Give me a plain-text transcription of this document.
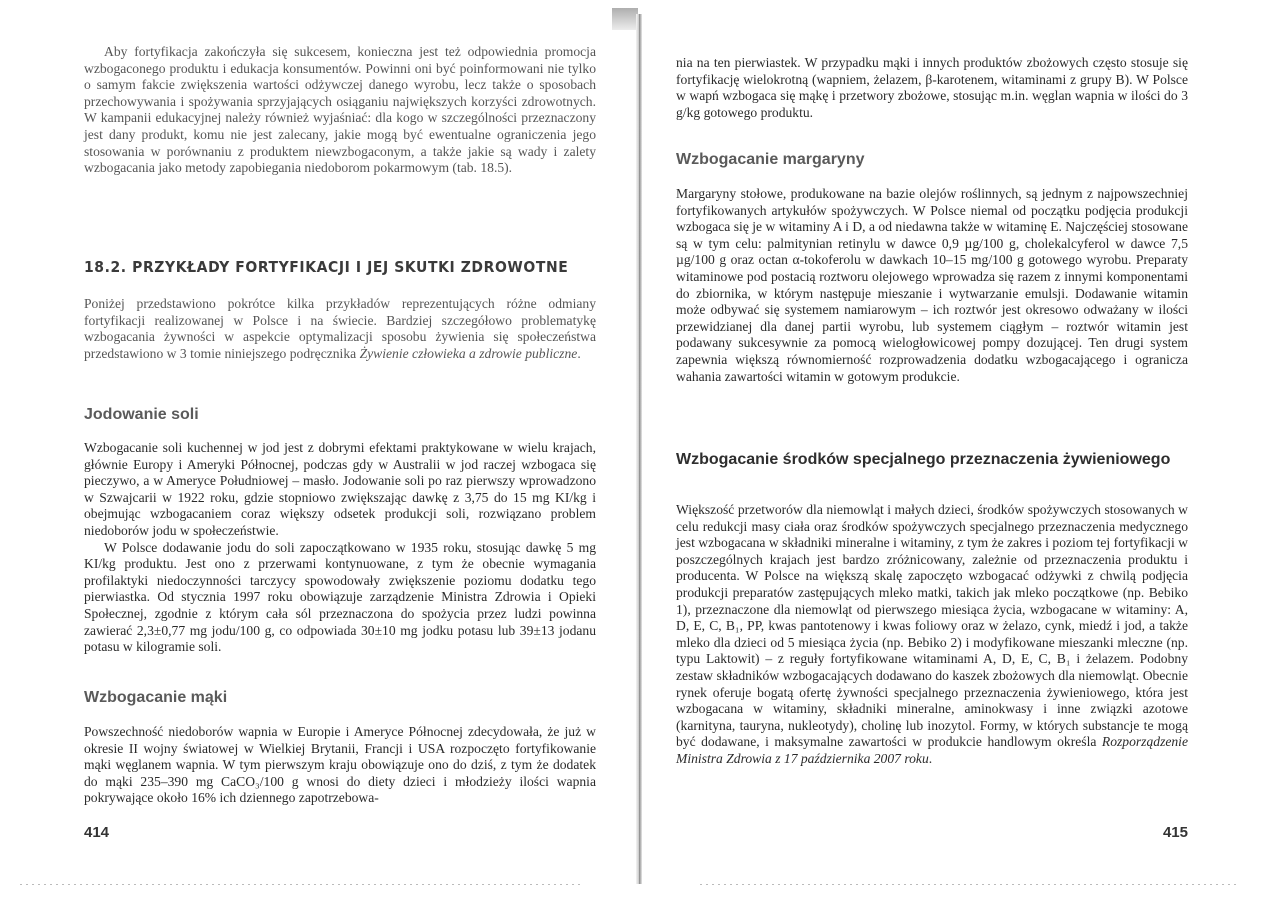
Aby fortyfikacja zakończyła się sukcesem, konieczna jest też odpowiednia promocja wzbogaconego produktu i edukacja konsumentów. Powinni oni być poinformowani nie tylko o samym fakcie zwiększenia wartości odżywczej danego wyrobu, lecz także o sposobach przechowywania i spożywania sprzyjających osiąganiu największych korzyści zdrowotnych. W kampanii edukacyjnej należy również wyjaśniać: dla kogo w szczególności przeznaczony jest dany produkt, komu nie jest zalecany, jakie mogą być ewentualne ograniczenia jego stosowania w porównaniu z produktem niewzbogaconym, a także jakie są wady i zalety wzbogacania jako metody zapobiegania niedoborom pokarmowym (tab. 18.5).

18.2. PRZYKŁADY FORTYFIKACJI I JEJ SKUTKI ZDROWOTNE

Poniżej przedstawiono pokrótce kilka przykładów reprezentujących różne odmiany fortyfikacji realizowanej w Polsce i na świecie. Bardziej szczegółowo problematykę wzbogacania żywności w aspekcie optymalizacji sposobu żywienia się społeczeństwa przedstawiono w 3 tomie niniejszego podręcznika Żywienie człowieka a zdrowie publiczne.

Jodowanie soli

Wzbogacanie soli kuchennej w jod jest z dobrymi efektami praktykowane w wielu krajach, głównie Europy i Ameryki Północnej, podczas gdy w Australii w jod raczej wzbogaca się pieczywo, a w Ameryce Południowej – masło. Jodowanie soli po raz pierwszy wprowadzono w Szwajcarii w 1922 roku, gdzie stopniowo zwiększając dawkę z 3,75 do 15 mg KI/kg i obejmując wzbogacaniem coraz większy odsetek produkcji soli, rozwiązano problem niedoborów jodu w społeczeństwie.

W Polsce dodawanie jodu do soli zapoczątkowano w 1935 roku, stosując dawkę 5 mg KI/kg produktu. Jest ono z przerwami kontynuowane, z tym że obecnie wymagania profilaktyki niedoczynności tarczycy spowodowały zwiększenie poziomu dodatku tego pierwiastka. Od stycznia 1997 roku obowiązuje zarządzenie Ministra Zdrowia i Opieki Społecznej, zgodnie z którym cała sól przeznaczona do spożycia przez ludzi powinna zawierać 2,3±0,77 mg jodu/100 g, co odpowiada 30±10 mg jodku potasu lub 39±13 jodanu potasu w kilogramie soli.

Wzbogacanie mąki

Powszechność niedoborów wapnia w Europie i Ameryce Północnej zdecydowała, że już w okresie II wojny światowej w Wielkiej Brytanii, Francji i USA rozpoczęto fortyfikowanie mąki węglanem wapnia. W tym pierwszym kraju obowiązuje ono do dziś, z tym że dodatek do mąki 235–390 mg CaCO₃/100 g wnosi do diety dzieci i młodzieży ilości wapnia pokrywające około 16% ich dziennego zapotrzebowa-

414

nia na ten pierwiastek. W przypadku mąki i innych produktów zbożowych często stosuje się fortyfikację wielokrotną (wapniem, żelazem, β-karotenem, witaminami z grupy B). W Polsce w wapń wzbogaca się mąkę i przetwory zbożowe, stosując m.in. węglan wapnia w ilości do 3 g/kg gotowego produktu.

Wzbogacanie margaryny

Margaryny stołowe, produkowane na bazie olejów roślinnych, są jednym z najpowszechniej fortyfikowanych artykułów spożywczych. W Polsce niemal od początku podjęcia produkcji wzbogaca się je w witaminy A i D, a od niedawna także w witaminę E. Najczęściej stosowane są w tym celu: palmitynian retinylu w dawce 0,9 µg/100 g, cholekalcyferol w dawce 7,5 µg/100 g oraz octan α-tokoferolu w dawkach 10–15 mg/100 g gotowego wyrobu. Preparaty witaminowe pod postacią roztworu olejowego wprowadza się razem z innymi komponentami do zbiornika, w którym następuje mieszanie i wytwarzanie emulsji. Dodawanie witamin może odbywać się systemem namiarowym – ich roztwór jest okresowo odważany w ilości przewidzianej dla danej partii wyrobu, lub systemem ciągłym – roztwór witamin jest podawany sukcesywnie za pomocą wielogłowicowej pompy dozującej. Ten drugi system zapewnia większą równomierność rozprowadzenia dodatku wzbogacającego i ogranicza wahania zawartości witamin w gotowym produkcie.

Wzbogacanie środków specjalnego przeznaczenia żywieniowego

Większość przetworów dla niemowląt i małych dzieci, środków spożywczych stosowanych w celu redukcji masy ciała oraz środków spożywczych specjalnego przeznaczenia medycznego jest wzbogacana w składniki mineralne i witaminy, z tym że zakres i poziom tej fortyfikacji w poszczególnych krajach jest bardzo zróżnicowany, zależnie od przeznaczenia produktu i producenta. W Polsce na większą skalę zapoczęto wzbogacać odżywki z chwilą podjęcia produkcji preparatów zastępujących mleko matki, takich jak mleko początkowe (np. Bebiko 1), przeznaczone dla niemowląt od pierwszego miesiąca życia, wzbogacane w witaminy: A, D, E, C, B₁, PP, kwas pantotenowy i kwas foliowy oraz w żelazo, cynk, miedź i jod, a także mleko dla dzieci od 5 miesiąca życia (np. Bebiko 2) i modyfikowane mieszanki mleczne (np. typu Laktowit) – z reguły fortyfikowane witaminami A, D, E, C, B₁ i żelazem. Podobny zestaw składników wzbogacających dodawano do kaszek zbożowych dla niemowląt. Obecnie rynek oferuje bogatą ofertę żywności specjalnego przeznaczenia żywieniowego, która jest wzbogacana w witaminy, składniki mineralne, aminokwasy i inne związki azotowe (karnityna, tauryna, nukleotydy), cholinę lub inozytol. Formy, w których substancje te mogą być dodawane, i maksymalne zawartości w produkcie handlowym określa Rozporządzenie Ministra Zdrowia z 17 października 2007 roku.

415
